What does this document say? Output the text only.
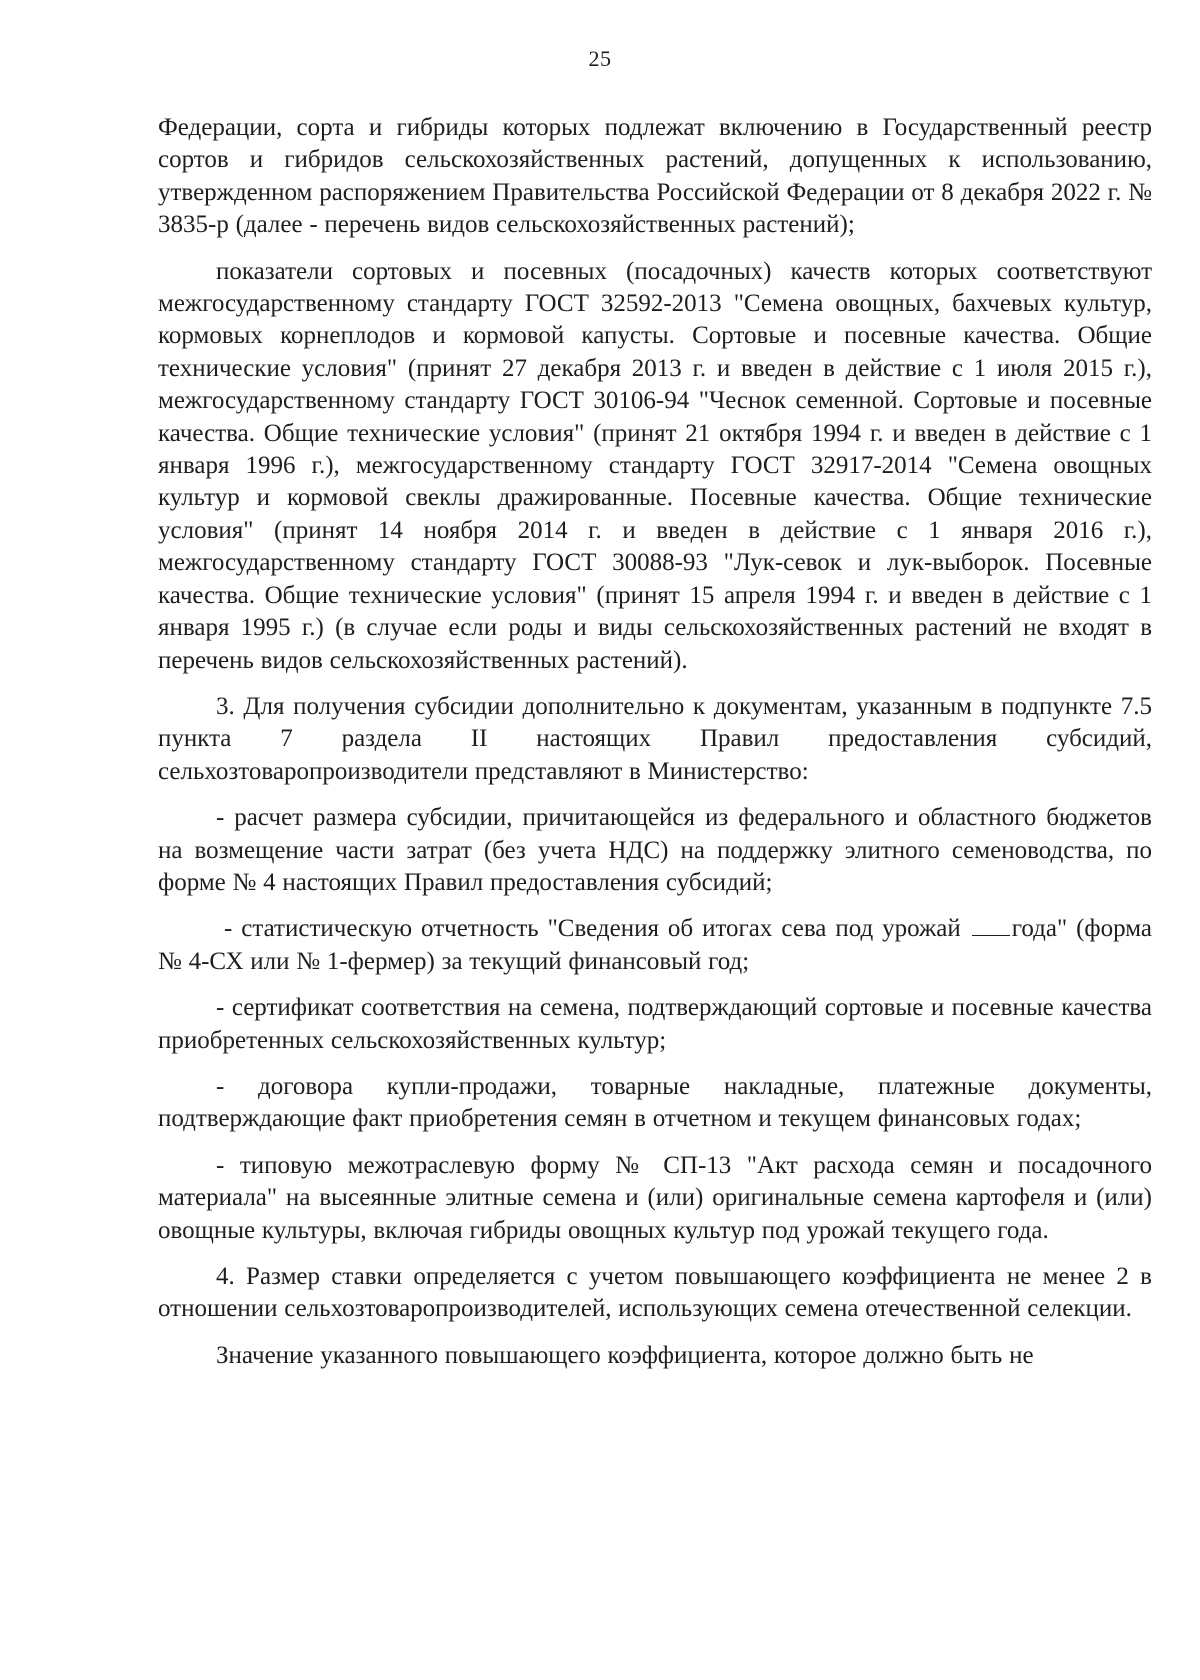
25

Федерации, сорта и гибриды которых подлежат включению в Государственный реестр сортов и гибридов сельскохозяйственных растений, допущенных к использованию, утвержденном распоряжением Правительства Российской Федерации от 8 декабря 2022 г. № 3835-р (далее - перечень видов сельскохозяйственных растений);

показатели сортовых и посевных (посадочных) качеств которых соответствуют межгосударственному стандарту ГОСТ 32592-2013 "Семена овощных, бахчевых культур, кормовых корнеплодов и кормовой капусты. Сортовые и посевные качества. Общие технические условия" (принят 27 декабря 2013 г. и введен в действие с 1 июля 2015 г.), межгосударственному стандарту ГОСТ 30106-94 "Чеснок семенной. Сортовые и посевные качества. Общие технические условия" (принят 21 октября 1994 г. и введен в действие с 1 января 1996 г.), межгосударственному стандарту ГОСТ 32917-2014 "Семена овощных культур и кормовой свеклы дражированные. Посевные качества. Общие технические условия" (принят 14 ноября 2014 г. и введен в действие с 1 января 2016 г.), межгосударственному стандарту ГОСТ 30088-93 "Лук-севок и лук-выборок. Посевные качества. Общие технические условия" (принят 15 апреля 1994 г. и введен в действие с 1 января 1995 г.) (в случае если роды и виды сельскохозяйственных растений не входят в перечень видов сельскохозяйственных растений).

3. Для получения субсидии дополнительно к документам, указанным в подпункте 7.5 пункта 7 раздела II настоящих Правил предоставления субсидий, сельхозтоваропроизводители представляют в Министерство:

- расчет размера субсидии, причитающейся из федерального и областного бюджетов на возмещение части затрат (без учета НДС) на поддержку элитного семеноводства, по форме № 4 настоящих Правил предоставления субсидий;

- статистическую отчетность "Сведения об итогах сева под урожай года" (форма № 4-СХ или № 1-фермер) за текущий финансовый год;

- сертификат соответствия на семена, подтверждающий сортовые и посевные качества приобретенных сельскохозяйственных культур;

- договора купли-продажи, товарные накладные, платежные документы, подтверждающие факт приобретения семян в отчетном и текущем финансовых годах;

- типовую межотраслевую форму № СП-13 "Акт расхода семян и посадочного материала" на высеянные элитные семена и (или) оригинальные семена картофеля и (или) овощные культуры, включая гибриды овощных культур под урожай текущего года.

4. Размер ставки определяется с учетом повышающего коэффициента не менее 2 в отношении сельхозтоваропроизводителей, использующих семена отечественной селекции.

Значение указанного повышающего коэффициента, которое должно быть не
